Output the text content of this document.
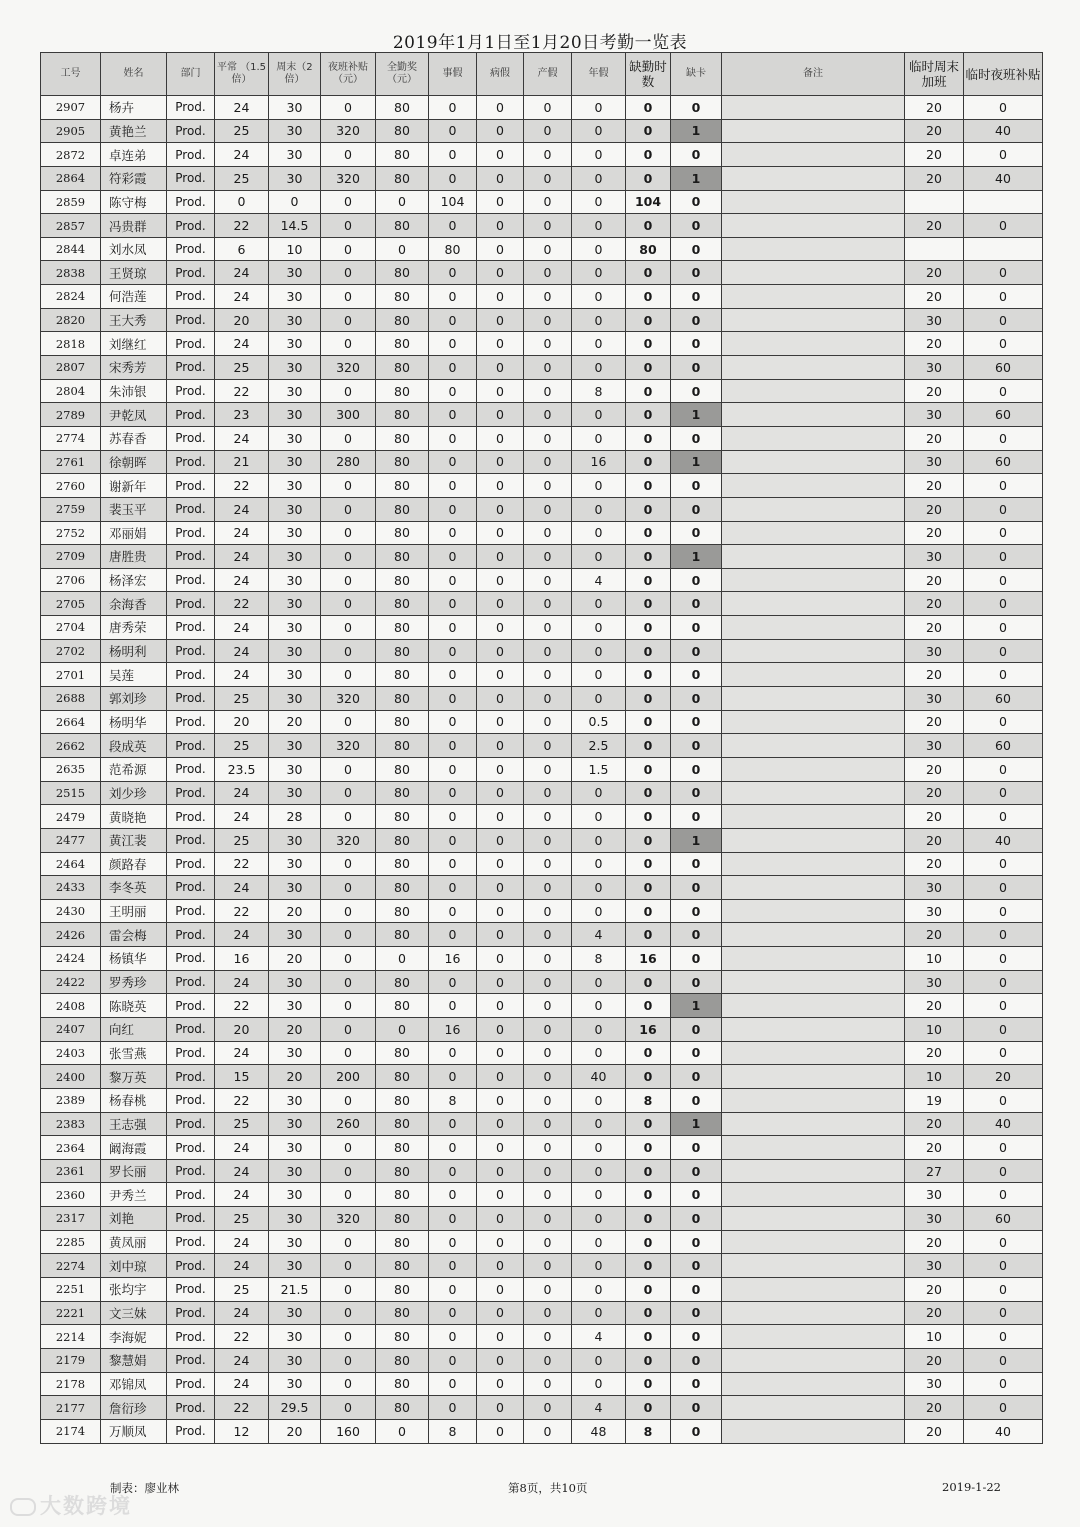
2019年1月1日至1月20日考勤一览表
工号	姓名	部门	平常 （1.5倍）	周末（2倍）	夜班补贴（元）	全勤奖（元）	事假	病假	产假	年假	缺勤时数	缺卡	备注	临时周末加班	临时夜班补贴
2907	杨卉	Prod.	24	30	0	80	0	0	0	0	0	0		20	0
2905	黄艳兰	Prod.	25	30	320	80	0	0	0	0	0	1		20	40
2872	卓连弟	Prod.	24	30	0	80	0	0	0	0	0	0		20	0
2864	符彩霞	Prod.	25	30	320	80	0	0	0	0	0	1		20	40
2859	陈守梅	Prod.	0	0	0	0	104	0	0	0	104	0			
2857	冯贵群	Prod.	22	14.5	0	80	0	0	0	0	0	0		20	0
2844	刘水凤	Prod.	6	10	0	0	80	0	0	0	80	0			
2838	王贤琼	Prod.	24	30	0	80	0	0	0	0	0	0		20	0
2824	何浩莲	Prod.	24	30	0	80	0	0	0	0	0	0		20	0
2820	王大秀	Prod.	20	30	0	80	0	0	0	0	0	0		30	0
2818	刘继红	Prod.	24	30	0	80	0	0	0	0	0	0		20	0
2807	宋秀芳	Prod.	25	30	320	80	0	0	0	0	0	0		30	60
2804	朱沛银	Prod.	22	30	0	80	0	0	0	8	0	0		20	0
2789	尹乾凤	Prod.	23	30	300	80	0	0	0	0	0	1		30	60
2774	苏春香	Prod.	24	30	0	80	0	0	0	0	0	0		20	0
2761	徐朝晖	Prod.	21	30	280	80	0	0	0	16	0	1		30	60
2760	谢新年	Prod.	22	30	0	80	0	0	0	0	0	0		20	0
2759	裴玉平	Prod.	24	30	0	80	0	0	0	0	0	0		20	0
2752	邓丽娟	Prod.	24	30	0	80	0	0	0	0	0	0		20	0
2709	唐胜贵	Prod.	24	30	0	80	0	0	0	0	0	1		30	0
2706	杨泽宏	Prod.	24	30	0	80	0	0	0	4	0	0		20	0
2705	余海香	Prod.	22	30	0	80	0	0	0	0	0	0		20	0
2704	唐秀荣	Prod.	24	30	0	80	0	0	0	0	0	0		20	0
2702	杨明利	Prod.	24	30	0	80	0	0	0	0	0	0		30	0
2701	吴莲	Prod.	24	30	0	80	0	0	0	0	0	0		20	0
2688	郭刘珍	Prod.	25	30	320	80	0	0	0	0	0	0		30	60
2664	杨明华	Prod.	20	20	0	80	0	0	0	0.5	0	0		20	0
2662	段成英	Prod.	25	30	320	80	0	0	0	2.5	0	0		30	60
2635	范希源	Prod.	23.5	30	0	80	0	0	0	1.5	0	0		20	0
2515	刘少珍	Prod.	24	30	0	80	0	0	0	0	0	0		20	0
2479	黄晓艳	Prod.	24	28	0	80	0	0	0	0	0	0		20	0
2477	黄江裴	Prod.	25	30	320	80	0	0	0	0	0	1		20	40
2464	颜路春	Prod.	22	30	0	80	0	0	0	0	0	0		20	0
2433	李冬英	Prod.	24	30	0	80	0	0	0	0	0	0		30	0
2430	王明丽	Prod.	22	20	0	80	0	0	0	0	0	0		30	0
2426	雷会梅	Prod.	24	30	0	80	0	0	0	4	0	0		20	0
2424	杨镇华	Prod.	16	20	0	0	16	0	0	8	16	0		10	0
2422	罗秀珍	Prod.	24	30	0	80	0	0	0	0	0	0		30	0
2408	陈晓英	Prod.	22	30	0	80	0	0	0	0	0	1		20	0
2407	向红	Prod.	20	20	0	0	16	0	0	0	16	0		10	0
2403	张雪燕	Prod.	24	30	0	80	0	0	0	0	0	0		20	0
2400	黎万英	Prod.	15	20	200	80	0	0	0	40	0	0		10	20
2389	杨春桃	Prod.	22	30	0	80	8	0	0	0	8	0		19	0
2383	王志强	Prod.	25	30	260	80	0	0	0	0	0	1		20	40
2364	阚海霞	Prod.	24	30	0	80	0	0	0	0	0	0		20	0
2361	罗长丽	Prod.	24	30	0	80	0	0	0	0	0	0		27	0
2360	尹秀兰	Prod.	24	30	0	80	0	0	0	0	0	0		30	0
2317	刘艳	Prod.	25	30	320	80	0	0	0	0	0	0		30	60
2285	黄凤丽	Prod.	24	30	0	80	0	0	0	0	0	0		20	0
2274	刘中琼	Prod.	24	30	0	80	0	0	0	0	0	0		30	0
2251	张均宇	Prod.	25	21.5	0	80	0	0	0	0	0	0		20	0
2221	文三妹	Prod.	24	30	0	80	0	0	0	0	0	0		20	0
2214	李海妮	Prod.	22	30	0	80	0	0	0	4	0	0		10	0
2179	黎慧娟	Prod.	24	30	0	80	0	0	0	0	0	0		20	0
2178	邓锦凤	Prod.	24	30	0	80	0	0	0	0	0	0		30	0
2177	詹衍珍	Prod.	22	29.5	0	80	0	0	0	4	0	0		20	0
2174	万顺凤	Prod.	12	20	160	0	8	0	0	48	8	0		20	40
制表：廖业林	第8页，共10页	2019-1-22
大数跨境
